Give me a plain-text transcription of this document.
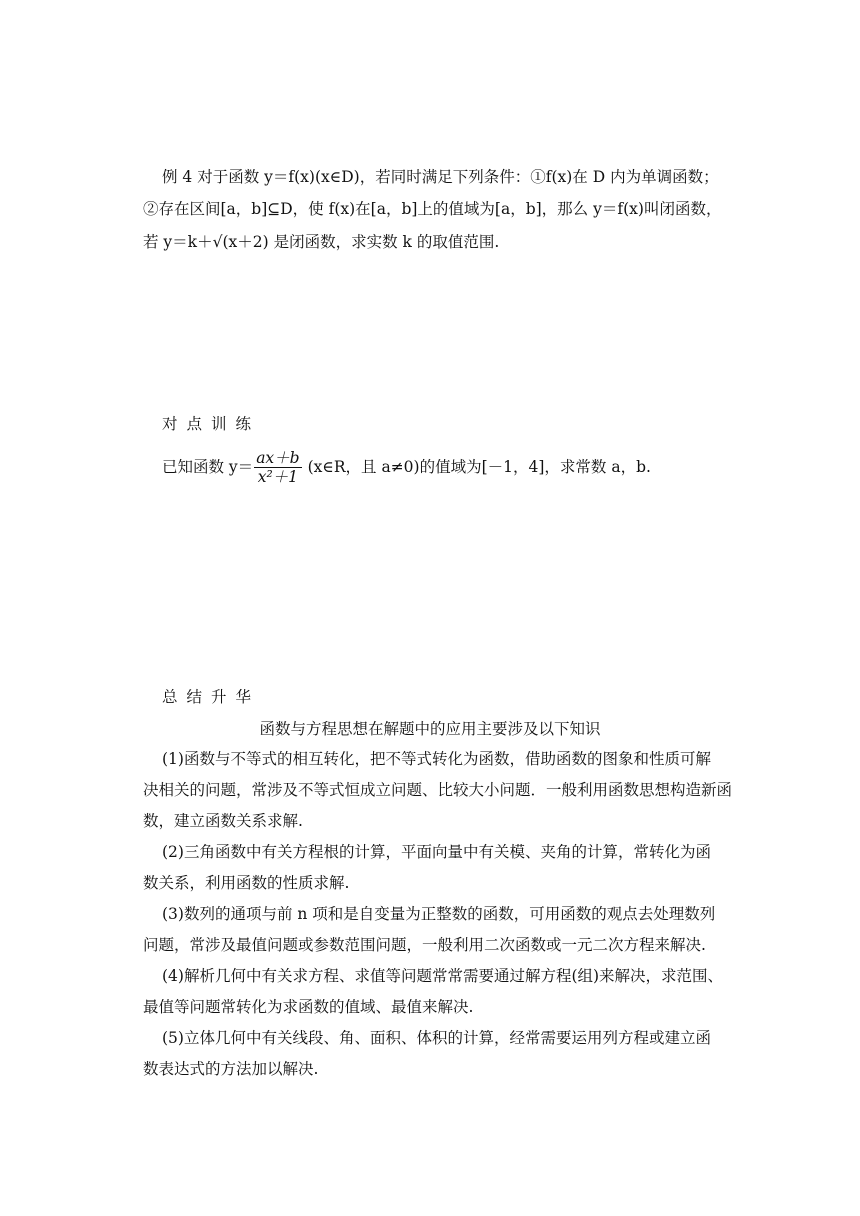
例 4 对于函数 y＝f(x)(x∈D)，若同时满足下列条件：①f(x)在 D 内为单调函数；
②存在区间[a，b]⊆D，使 f(x)在[a，b]上的值域为[a，b]，那么 y＝f(x)叫闭函数，
若 y＝k＋√(x＋2) 是闭函数，求实数 k 的取值范围.
对点训练
已知函数 $y= \frac{ax+b}{\text{x²＋1}}$ (x∈R，且 a≠0)的值域为[－1，4]，求常数 a，b.
总结升华
函数与方程思想在解题中的应用主要涉及以下知识
(1)函数与不等式的相互转化，把不等式转化为函数，借助函数的图象和性质可解
决相关的问题，常涉及不等式恒成立问题、比较大小问题．一般利用函数思想构造新函
数，建立函数关系求解.
(2)三角函数中有关方程根的计算，平面向量中有关模、夹角的计算，常转化为函
数关系，利用函数的性质求解.
(3)数列的通项与前 n 项和是自变量为正整数的函数，可用函数的观点去处理数列
问题，常涉及最值问题或参数范围问题，一般利用二次函数或一元二次方程来解决.
(4)解析几何中有关求方程、求值等问题常常需要通过解方程(组)来解决，求范围、
最值等问题常转化为求函数的值域、最值来解决.
(5)立体几何中有关线段、角、面积、体积的计算，经常需要运用列方程或建立函
数表达式的方法加以解决.
